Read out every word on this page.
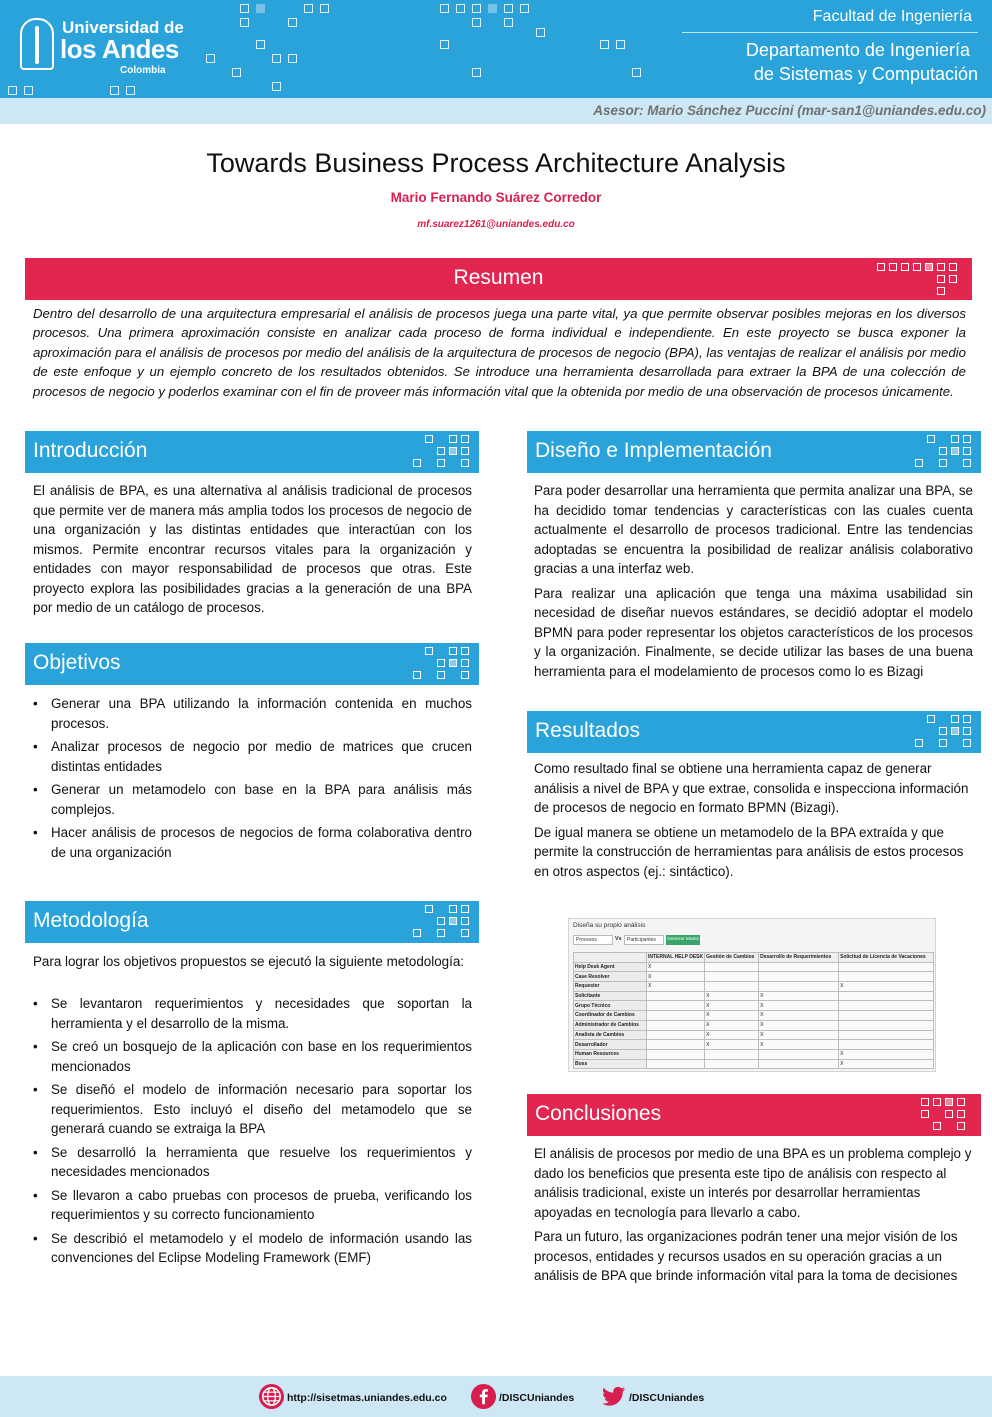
Universidad de
los Andes
Colombia
Facultad de Ingeniería
Departamento de Ingeniería
de Sistemas y Computación
Asesor: Mario Sánchez Puccini (mar-san1@uniandes.edu.co)
Towards Business Process Architecture Analysis
Mario Fernando Suárez Corredor
mf.suarez1261@uniandes.edu.co
Resumen
Dentro del desarrollo de una arquitectura empresarial el análisis de procesos juega una parte vital, ya que permite observar posibles mejoras en los diversos procesos. Una primera aproximación consiste en analizar cada proceso de forma individual e independiente. En este proyecto se busca exponer la aproximación para el análisis de procesos por medio del análisis de la arquitectura de procesos de negocio (BPA), las ventajas de realizar el análisis por medio de este enfoque y un ejemplo concreto de los resultados obtenidos. Se introduce una herramienta desarrollada para extraer la BPA de una colección de procesos de negocio y poderlos examinar con el fin de proveer más información vital que la obtenida por medio de una observación de procesos únicamente.
Introducción
El análisis de BPA, es una alternativa al análisis tradicional de procesos que permite ver de manera más amplia todos los procesos de negocio de una organización y las distintas entidades que interactúan con los mismos. Permite encontrar recursos vitales para la organización y entidades con mayor responsabilidad de procesos que otras. Este proyecto explora las posibilidades gracias a la generación de una BPA por medio de un catálogo de procesos.
Objetivos
• Generar una BPA utilizando la información contenida en muchos procesos.
• Analizar procesos de negocio por medio de matrices que crucen distintas entidades
• Generar un metamodelo con base en la BPA para análisis más complejos.
• Hacer análisis de procesos de negocios de forma colaborativa dentro de una organización
Metodología
Para lograr los objetivos propuestos se ejecutó la siguiente metodología:
• Se levantaron requerimientos y necesidades que soportan la herramienta y el desarrollo de la misma.
• Se creó un bosquejo de la aplicación con base en los requerimientos mencionados
• Se diseñó el modelo de información necesario para soportar los requerimientos. Esto incluyó el diseño del metamodelo que se generará cuando se extraiga la BPA
• Se desarrolló la herramienta que resuelve los requerimientos y necesidades mencionados
• Se llevaron a cabo pruebas con procesos de prueba, verificando los requerimientos y su correcto funcionamiento
• Se describió el metamodelo y el modelo de información usando las convenciones del Eclipse Modeling Framework (EMF)
Diseño e Implementación

Para poder desarrollar una herramienta que permita analizar una BPA, se ha decidido tomar tendencias y características con las cuales cuenta actualmente el desarrollo de procesos tradicional. Entre las tendencias adoptadas se encuentra la posibilidad de realizar análisis colaborativo gracias a una interfaz web.

Para realizar una aplicación que tenga una máxima usabilidad sin necesidad de diseñar nuevos estándares, se decidió adoptar el modelo BPMN para poder representar los objetos característicos de los procesos y la organización. Finalmente, se decide utilizar las bases de una buena herramienta para el modelamiento de procesos como lo es Bizagi

Resultados

Como resultado final se obtiene una herramienta capaz de generar análisis a nivel de BPA y que extrae, consolida e inspecciona información de procesos de negocio en formato BPMN (Bizagi).

De igual manera se obtiene un metamodelo de la BPA extraída y que permite la construcción de herramientas para análisis de estos procesos en otros aspectos (ej.: sintáctico).

Diseña su propio análisis
Procesos	Vs	Participantes	Generar Matriz
	INTERNAL HELP DESK	Gestión de Cambios	Desarrollo de Requerimientos	Solicitud de Licencia de Vacaciones
Help Desk Agent	X			
Case Resolver	X			
Requester	X			X
Solicitante		X	X	
Grupo Técnico		X	X	
Coordinador de Cambios		X	X	
Administrador de Cambios		X	X	
Analista de Cambios		X	X	
Desarrollador		X	X	
Human Resources				X
Boss				X
Conclusiones

El análisis de procesos por medio de una BPA es un problema complejo y dado los beneficios que presenta este tipo de análisis con respecto al análisis tradicional, existe un interés por desarrollar herramientas apoyadas en tecnología para llevarlo a cabo.

Para un futuro, las organizaciones podrán tener una mejor visión de los procesos, entidades y recursos usados en su operación gracias a un análisis de BPA que brinde información vital para la toma de decisiones

http://sisetmas.uniandes.edu.co	/DISCUniandes	/DISCUniandes
